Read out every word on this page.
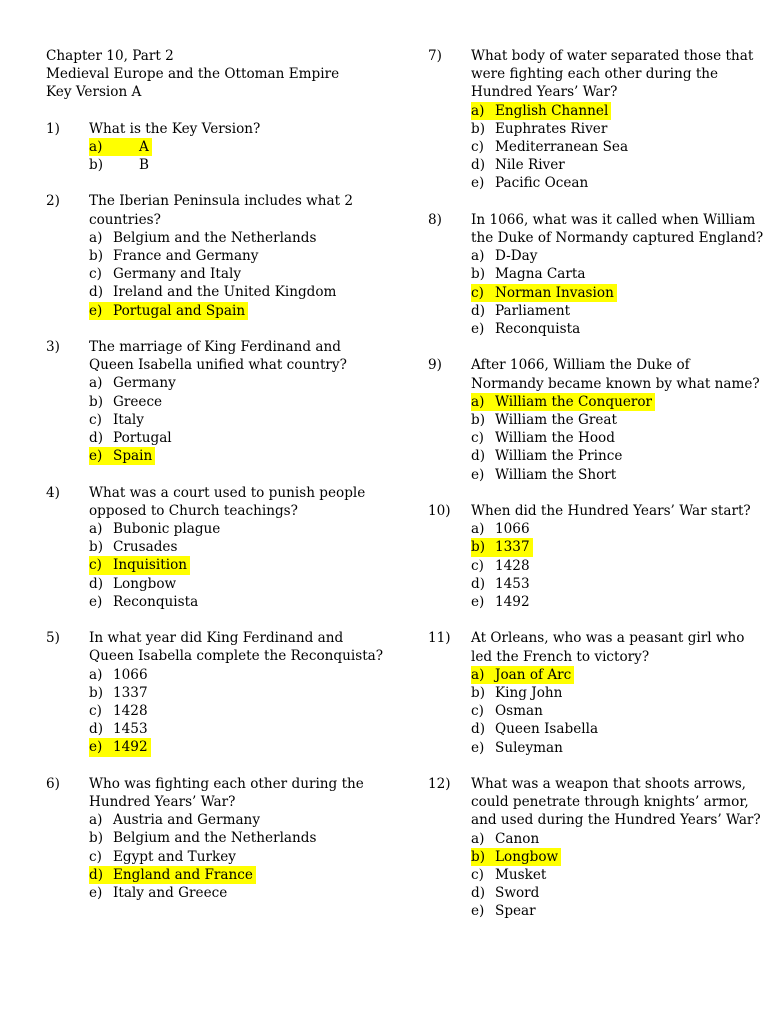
Chapter 10, Part 2
Medieval Europe and the Ottoman Empire
Key Version A
1)	What is the Key Version?
a)	A
b)	B
2)	The Iberian Peninsula includes what 2
countries?
a) Belgium and the Netherlands
b) France and Germany
c) Germany and Italy
d) Ireland and the United Kingdom
e) Portugal and Spain
3)	The marriage of King Ferdinand and
Queen Isabella unified what country?
a) Germany
b) Greece
c) Italy
d) Portugal
e) Spain
4)	What was a court used to punish people
opposed to Church teachings?
a) Bubonic plague
b) Crusades
c) Inquisition
d) Longbow
e) Reconquista
5)	In what year did King Ferdinand and
Queen Isabella complete the Reconquista?
a) 1066
b) 1337
c) 1428
d) 1453
e) 1492
6)	Who was fighting each other during the
Hundred Years’ War?
a) Austria and Germany
b) Belgium and the Netherlands
c) Egypt and Turkey
d) England and France
e) Italy and Greece
7)	What body of water separated those that
were fighting each other during the
Hundred Years’ War?
a) English Channel
b) Euphrates River
c) Mediterranean Sea
d) Nile River
e) Pacific Ocean
8)	In 1066, what was it called when William
the Duke of Normandy captured England?
a) D-Day
b) Magna Carta
c) Norman Invasion
d) Parliament
e) Reconquista
9)	After 1066, William the Duke of
Normandy became known by what name?
a) William the Conqueror
b) William the Great
c) William the Hood
d) William the Prince
e) William the Short
10)	When did the Hundred Years’ War start?
a) 1066
b) 1337
c) 1428
d) 1453
e) 1492
11)	At Orleans, who was a peasant girl who
led the French to victory?
a) Joan of Arc
b) King John
c) Osman
d) Queen Isabella
e) Suleyman
12)	What was a weapon that shoots arrows,
could penetrate through knights’ armor,
and used during the Hundred Years’ War?
a) Canon
b) Longbow
c) Musket
d) Sword
e) Spear
